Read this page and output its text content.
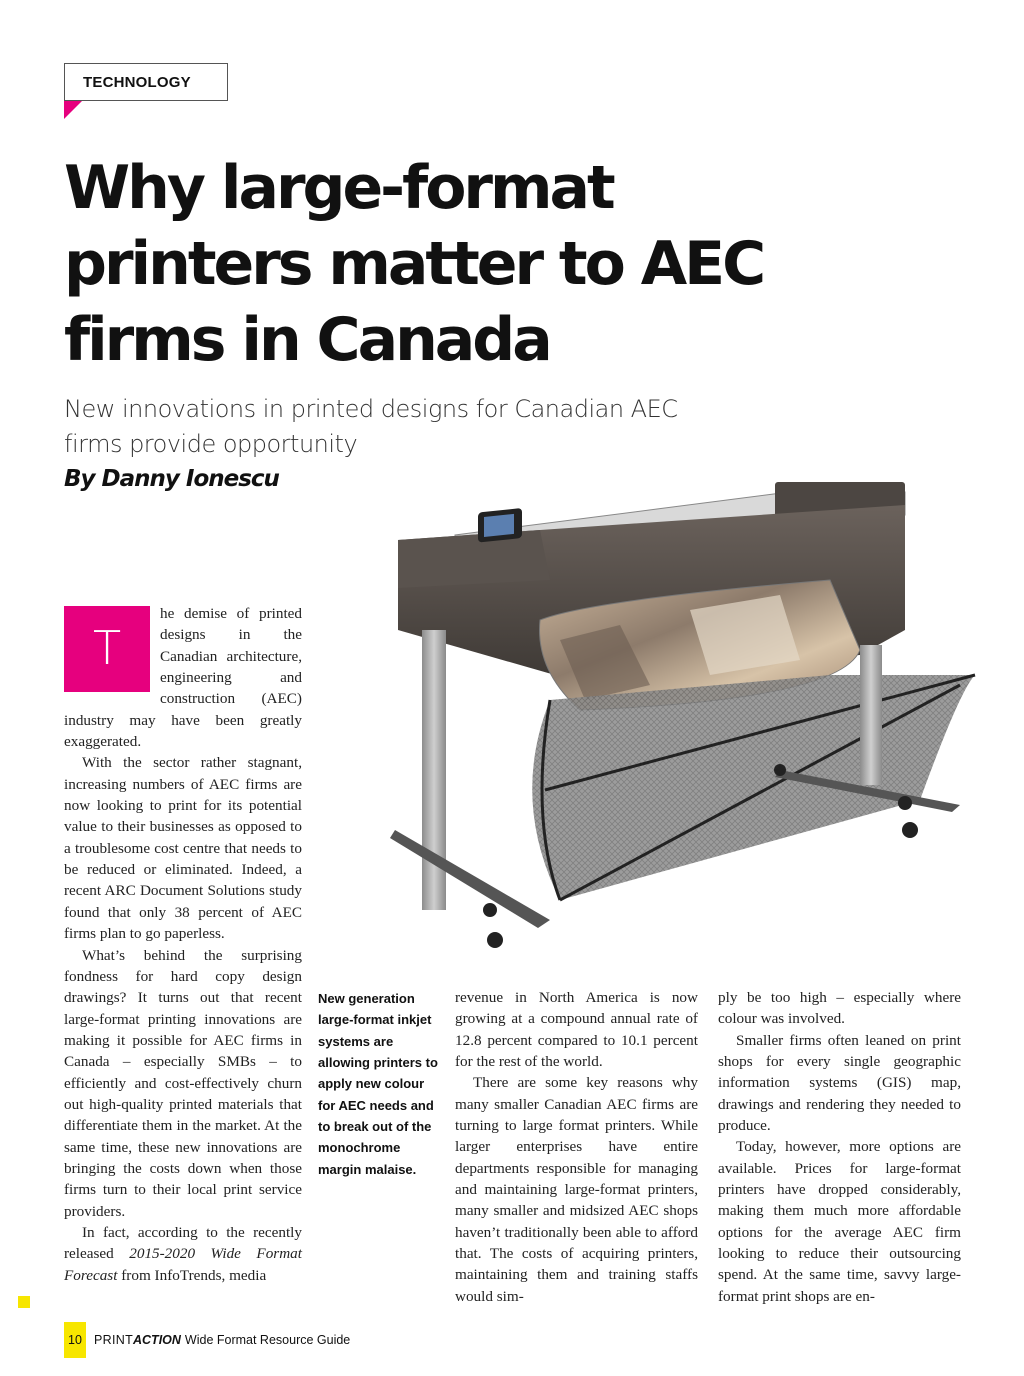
TECHNOLOGY
Why large-format printers matter to AEC firms in Canada
New innovations in printed designs for Canadian AEC firms provide opportunity
By Danny Ionescu
T

he demise of printed designs in the Canadian architecture, engineering and construction (AEC) industry may have been greatly exaggerated.

With the sector rather stagnant, increasing numbers of AEC firms are now looking to print for its potential value to their businesses as opposed to a troublesome cost centre that needs to be reduced or eliminated. Indeed, a recent ARC Document Solutions study found that only 38 percent of AEC firms plan to go paperless.

What’s behind the surprising fondness for hard copy design drawings? It turns out that recent large-format printing innovations are making it possible for AEC firms in Canada – especially SMBs – to efficiently and cost-effectively churn out high-quality printed materials that differentiate them in the market. At the same time, these new innovations are bringing the costs down when those firms turn to their local print service providers.

In fact, according to the recently released 2015-2020 Wide Format Forecast from InfoTrends, media

New generation large-format inkjet systems are allowing printers to apply new colour for AEC needs and to break out of the monochrome margin malaise.

revenue in North America is now growing at a compound annual rate of 12.8 percent compared to 10.1 percent for the rest of the world.

There are some key reasons why many smaller Canadian AEC firms are turning to large format printers. While larger enterprises have entire departments responsible for managing and maintaining large-format printers, many smaller and midsized AEC shops haven’t traditionally been able to afford that. The costs of acquiring printers, maintaining them and training staffs would sim-

ply be too high – especially where colour was involved.

Smaller firms often leaned on print shops for every single geographic information systems (GIS) map, drawings and rendering they needed to produce.

Today, however, more options are available. Prices for large-format printers have dropped considerably, making them much more affordable options for the average AEC firm looking to reduce their outsourcing spend. At the same time, savvy large-format print shops are en-

10 PRINT ACTION Wide Format Resource Guide
